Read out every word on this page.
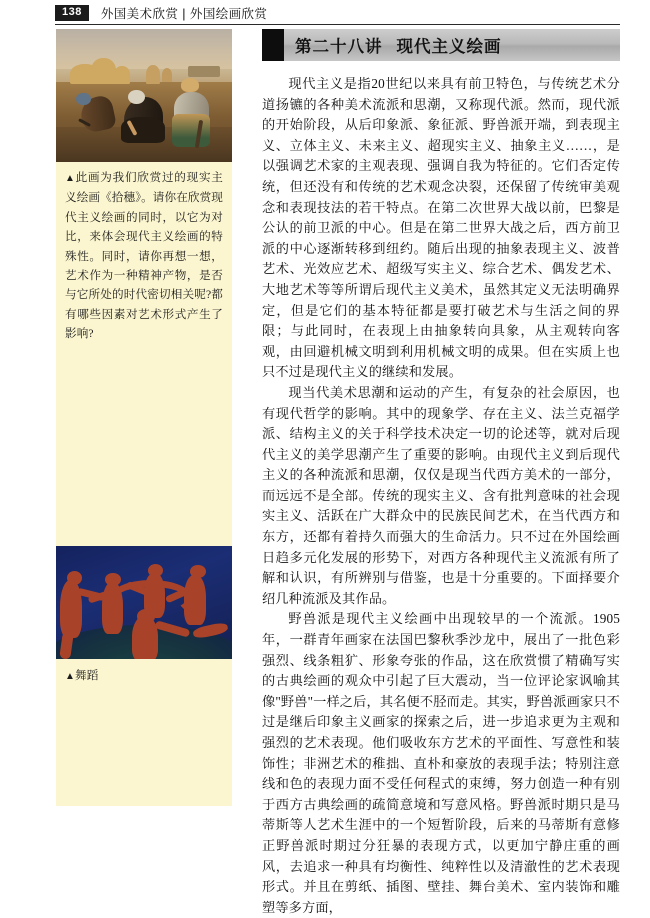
138	外国美术欣赏 | 外国绘画欣赏
▲此画为我们欣赏过的现实主义绘画《拾穗》。请你在欣赏现代主义绘画的同时，以它为对比，来体会现代主义绘画的特殊性。同时，请你再想一想，艺术作为一种精神产物，是否与它所处的时代密切相关呢?都有哪些因素对艺术形式产生了影响?
▲舞蹈
第二十八讲 现代主义绘画

现代主义是指20世纪以来具有前卫特色，与传统艺术分道扬镳的各种美术流派和思潮，又称现代派。然而，现代派的开始阶段，从后印象派、象征派、野兽派开端，到表现主义、立体主义、未来主义、超现实主义、抽象主义……，是以强调艺术家的主观表现、强调自我为特征的。它们否定传统，但还没有和传统的艺术观念决裂，还保留了传统审美观念和表现技法的若干特点。在第二次世界大战以前，巴黎是公认的前卫派的中心。但是在第二世界大战之后，西方前卫派的中心逐渐转移到纽约。随后出现的抽象表现主义、波普艺术、光效应艺术、超级写实主义、综合艺术、偶发艺术、大地艺术等等所谓后现代主义美术，虽然其定义无法明确界定，但是它们的基本特征都是要打破艺术与生活之间的界限；与此同时，在表现上由抽象转向具象，从主观转向客观，由回避机械文明到利用机械文明的成果。但在实质上也只不过是现代主义的继续和发展。

现当代美术思潮和运动的产生，有复杂的社会原因，也有现代哲学的影响。其中的现象学、存在主义、法兰克福学派、结构主义的关于科学技术决定一切的论述等，就对后现代主义的美学思潮产生了重要的影响。由现代主义到后现代主义的各种流派和思潮，仅仅是现当代西方美术的一部分，而远远不是全部。传统的现实主义、含有批判意味的社会现实主义、活跃在广大群众中的民族民间艺术，在当代西方和东方，还都有着持久而强大的生命活力。只不过在外国绘画日趋多元化发展的形势下，对西方各种现代主义流派有所了解和认识，有所辨别与借鉴，也是十分重要的。下面择要介绍几种流派及其作品。

野兽派是现代主义绘画中出现较早的一个流派。1905年，一群青年画家在法国巴黎秋季沙龙中，展出了一批色彩强烈、线条粗犷、形象夸张的作品，这在欣赏惯了精确写实的古典绘画的观众中引起了巨大震动，当一位评论家讽喻其像"野兽"一样之后，其名便不胫而走。其实，野兽派画家只不过是继后印象主义画家的探索之后，进一步追求更为主观和强烈的艺术表现。他们吸收东方艺术的平面性、写意性和装饰性；非洲艺术的稚拙、直朴和豪放的表现手法；特别注意线和色的表现力面不受任何程式的束缚，努力创造一种有别于西方古典绘画的疏简意境和写意风格。野兽派时期只是马蒂斯等人艺术生涯中的一个短暂阶段，后来的马蒂斯有意修正野兽派时期过分狂暴的表现方式，以更加宁静庄重的画风，去追求一种具有均衡性、纯粹性以及清澈性的艺术表现形式。并且在剪纸、插图、壁挂、舞台美术、室内装饰和雕塑等多方面，
